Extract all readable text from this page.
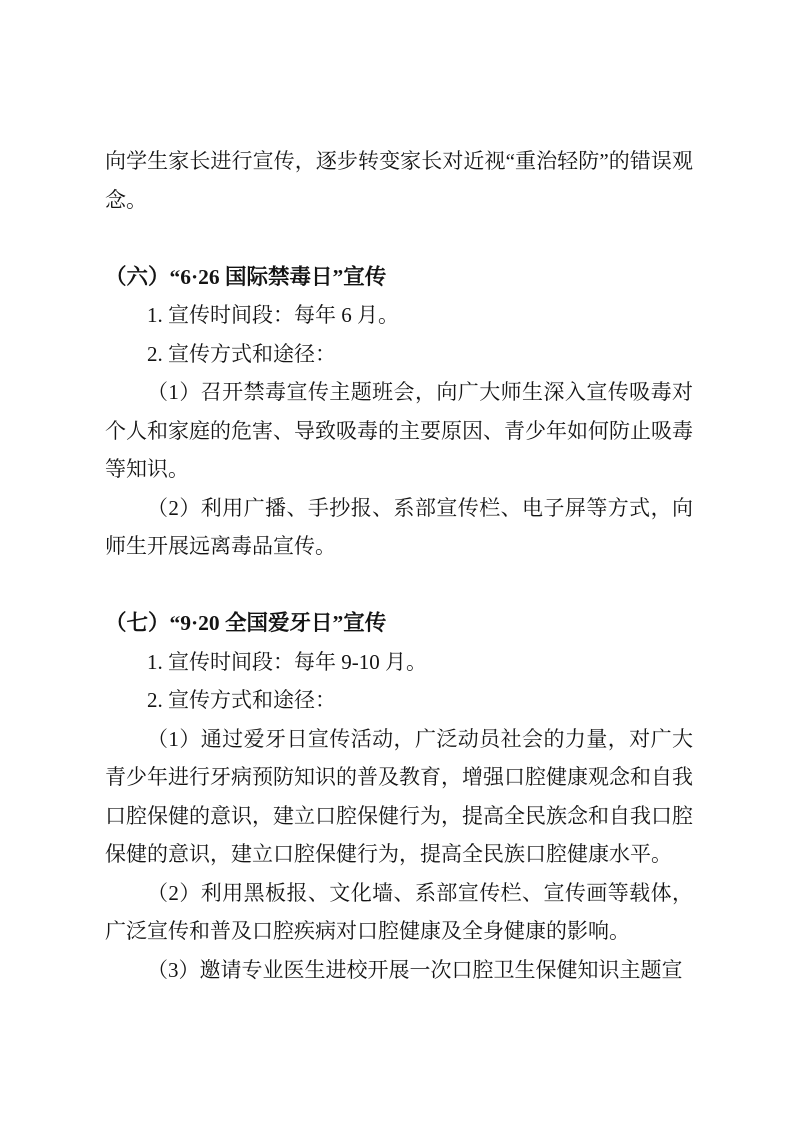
向学生家长进行宣传，逐步转变家长对近视“重治轻防”的错误观念。

（六）“6·26 国际禁毒日”宣传

1. 宣传时间段：每年 6 月。

2. 宣传方式和途径：

（1）召开禁毒宣传主题班会，向广大师生深入宣传吸毒对个人和家庭的危害、导致吸毒的主要原因、青少年如何防止吸毒等知识。

（2）利用广播、手抄报、系部宣传栏、电子屏等方式，向师生开展远离毒品宣传。

（七）“9·20 全国爱牙日”宣传

1. 宣传时间段：每年 9-10 月。

2. 宣传方式和途径：

（1）通过爱牙日宣传活动，广泛动员社会的力量，对广大青少年进行牙病预防知识的普及教育，增强口腔健康观念和自我口腔保健的意识，建立口腔保健行为，提高全民族念和自我口腔保健的意识，建立口腔保健行为，提高全民族口腔健康水平。

（2）利用黑板报、文化墙、系部宣传栏、宣传画等载体，广泛宣传和普及口腔疾病对口腔健康及全身健康的影响。

（3）邀请专业医生进校开展一次口腔卫生保健知识主题宣
